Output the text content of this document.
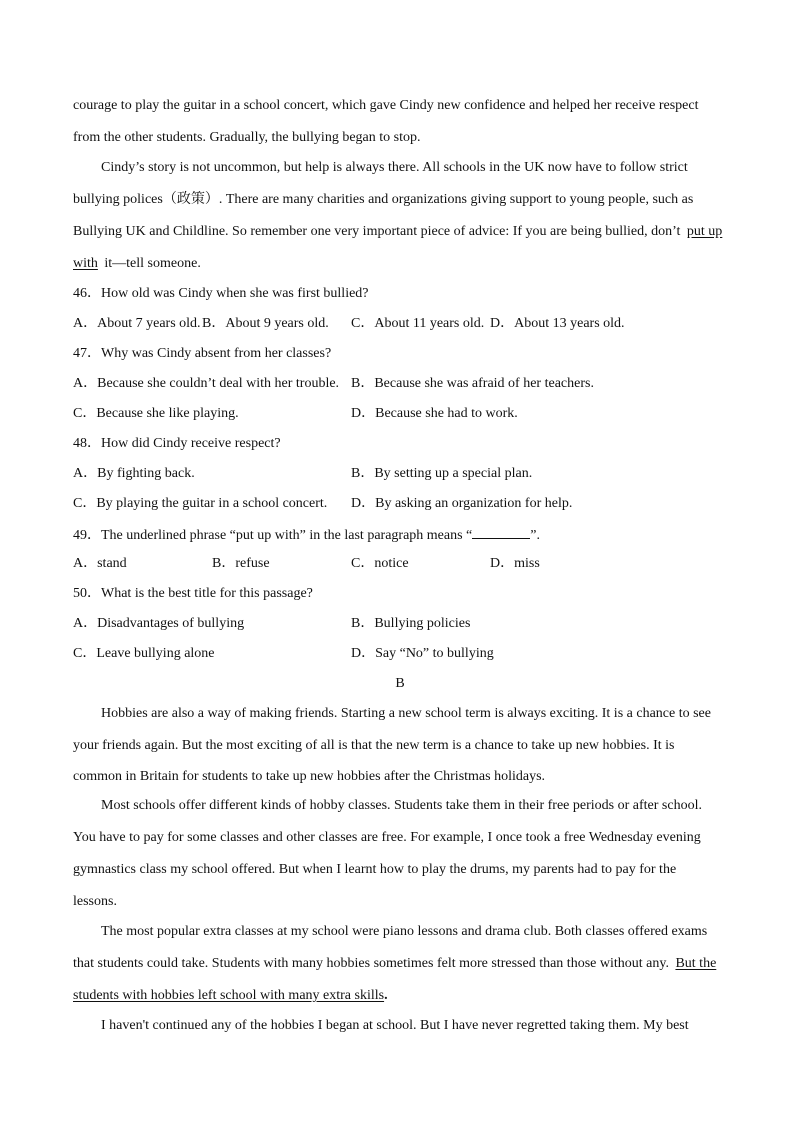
courage to play the guitar in a school concert, which gave Cindy new confidence and helped her receive respect
from the other students. Gradually, the bullying began to stop.
Cindy’s story is not uncommon, but help is always there. All schools in the UK now have to follow strict
bullying polices（政策）. There are many charities and organizations giving support to young people, such as
Bullying UK and Childline. So remember one very important piece of advice: If you are being bullied, don’t put up
with it—tell someone.
46．How old was Cindy when she was first bullied?
A．About 7 years old. B．About 9 years old. C．About 11 years old. D．About 13 years old.
47．Why was Cindy absent from her classes?
A．Because she couldn’t deal with her trouble. B．Because she was afraid of her teachers.
C．Because she like playing.	D．Because she had to work.
48．How did Cindy receive respect?
A．By fighting back.	B．By setting up a special plan.
C．By playing the guitar in a school concert. D．By asking an organization for help.
49．The underlined phrase “put up with” in the last paragraph means “	”.
A．stand	B．refuse	C．notice	D．miss
50．What is the best title for this passage?
A．Disadvantages of bullying	B．Bullying policies
C．Leave bullying alone	D．Say “No” to bullying
B
Hobbies are also a way of making friends. Starting a new school term is always exciting. It is a chance to see
your friends again. But the most exciting of all is that the new term is a chance to take up new hobbies. It is
common in Britain for students to take up new hobbies after the Christmas holidays.
Most schools offer different kinds of hobby classes. Students take them in their free periods or after school.
You have to pay for some classes and other classes are free. For example, I once took a free Wednesday evening
gymnastics class my school offered. But when I learnt how to play the drums, my parents had to pay for the
lessons.
The most popular extra classes at my school were piano lessons and drama club. Both classes offered exams
that students could take. Students with many hobbies sometimes felt more stressed than those without any. But the
students with hobbies left school with many extra skills.
I haven't continued any of the hobbies I began at school. But I have never regretted taking them. My best
